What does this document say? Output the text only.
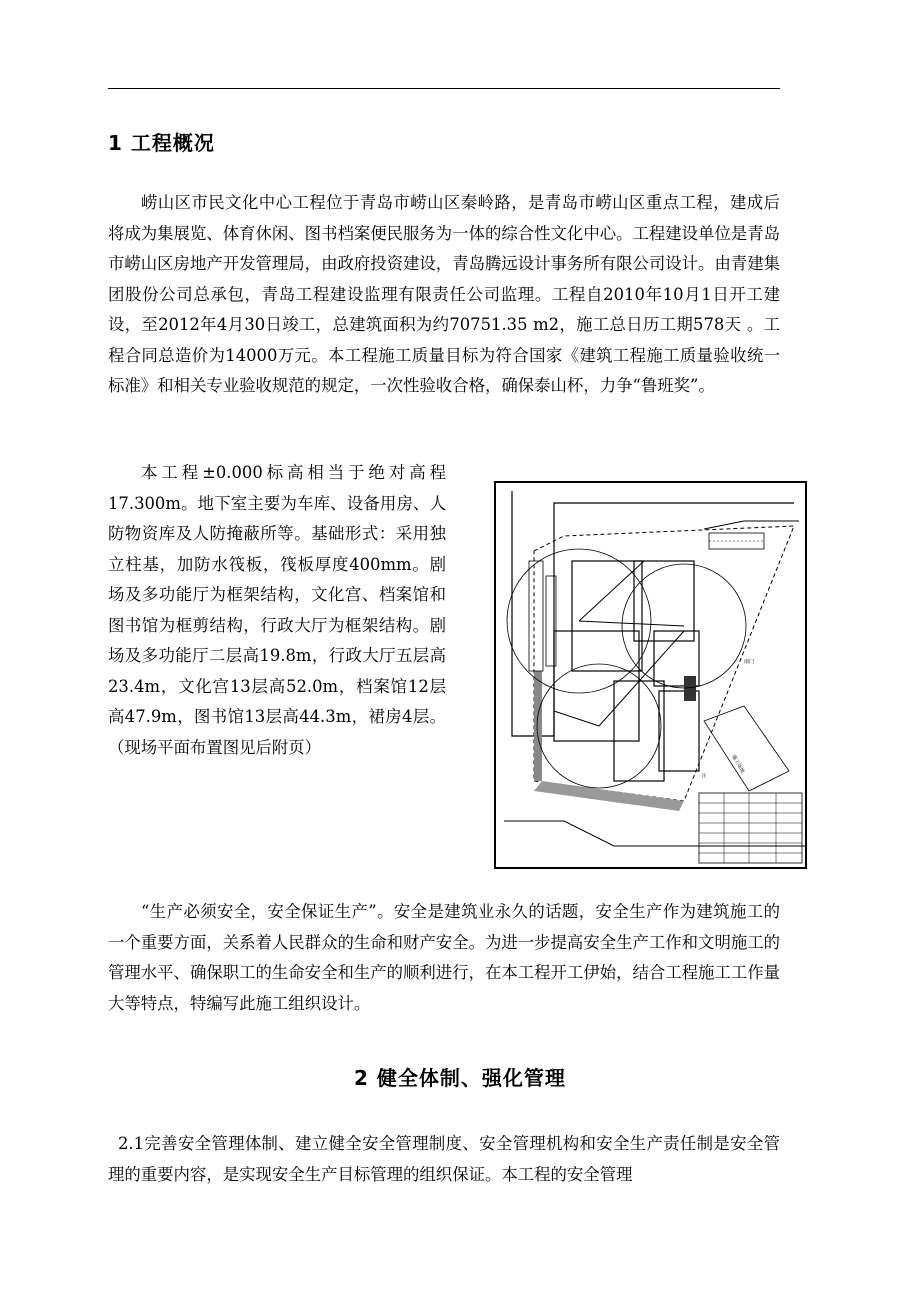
1 工程概况
崂山区市民文化中心工程位于青岛市崂山区秦岭路，是青岛市崂山区重点工程，建成后将成为集展览、体育休闲、图书档案便民服务为一体的综合性文化中心。工程建设单位是青岛市崂山区房地产开发管理局，由政府投资建设，青岛腾远设计事务所有限公司设计。由青建集团股份公司总承包，青岛工程建设监理有限责任公司监理。工程自2010年10月1日开工建设，至2012年4月30日竣工，总建筑面积为约70751.35 m2，施工总日历工期578天 。工程合同总造价为14000万元。本工程施工质量目标为符合国家《建筑工程施工质量验收统一标准》和相关专业验收规范的规定，一次性验收合格，确保泰山杯，力争“鲁班奖”。
本工程±0.000标高相当于绝对高程17.300m。地下室主要为车库、设备用房、人防物资库及人防掩蔽所等。基础形式：采用独立柱基，加防水筏板，筏板厚度400mm。剧场及多功能厅为框架结构，文化宫、档案馆和图书馆为框剪结构，行政大厅为框架结构。剧场及多功能厅二层高19.8m，行政大厅五层高23.4m，文化宫13层高52.0m，档案馆12层高47.9m，图书馆13层高44.3m，裙房4层。（现场平面布置图见后附页）
施工场地
南门
注
“生产必须安全，安全保证生产”。安全是建筑业永久的话题，安全生产作为建筑施工的一个重要方面，关系着人民群众的生命和财产安全。为进一步提高安全生产工作和文明施工的管理水平、确保职工的生命安全和生产的顺利进行，在本工程开工伊始，结合工程施工工作量大等特点，特编写此施工组织设计。
2 健全体制、强化管理
2.1完善安全管理体制、建立健全安全管理制度、安全管理机构和安全生产责任制是安全管理的重要内容，是实现安全生产目标管理的组织保证。本工程的安全管理
